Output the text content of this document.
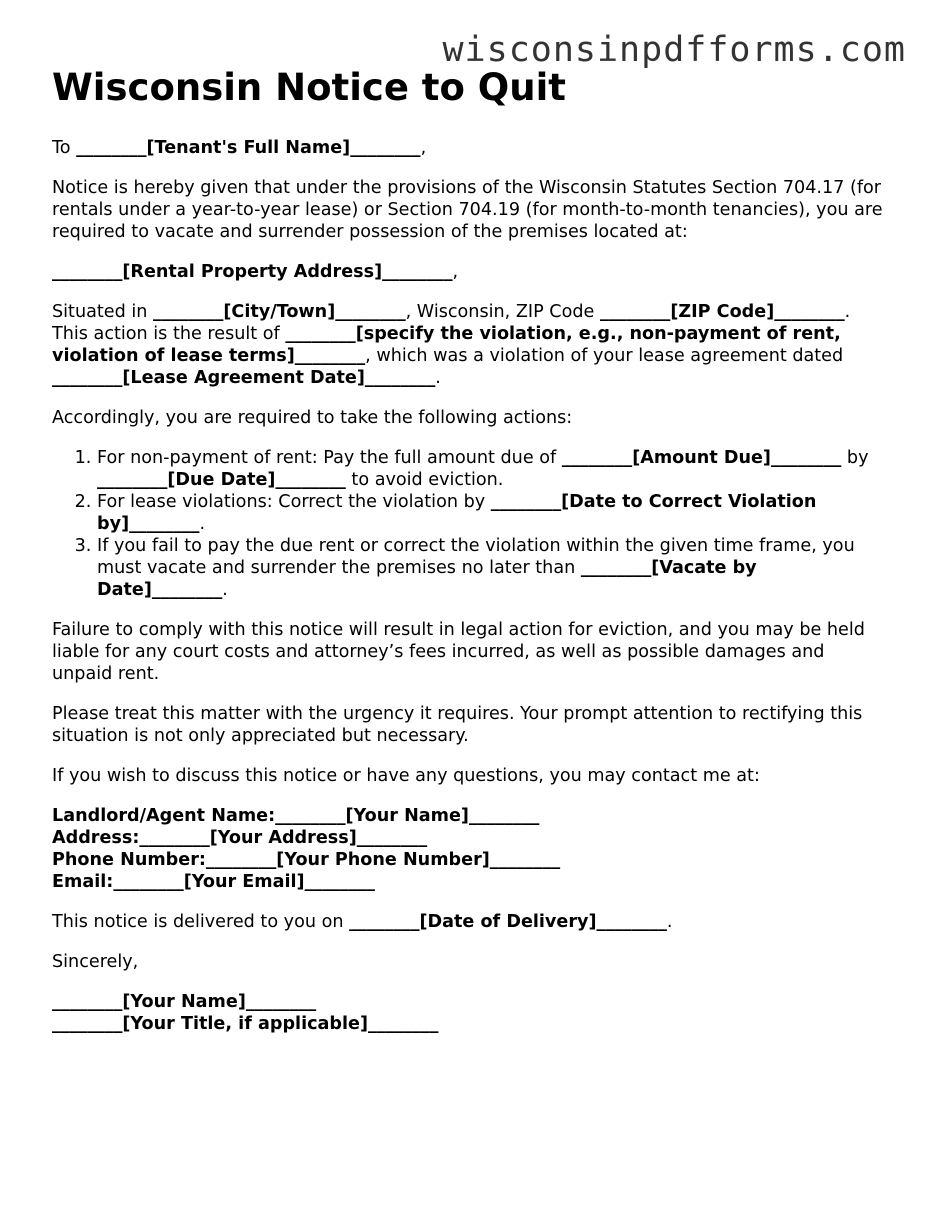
wisconsinpdfforms.com
Wisconsin Notice to Quit

To ________[Tenant's Full Name]________,

Notice is hereby given that under the provisions of the Wisconsin Statutes Section 704.17 (for rentals under a year-to-year lease) or Section 704.19 (for month-to-month tenancies), you are required to vacate and surrender possession of the premises located at:

________[Rental Property Address]________,

Situated in ________[City/Town]________, Wisconsin, ZIP Code ________[ZIP Code]________. This action is the result of ________[specify the violation, e.g., non-payment of rent, violation of lease terms]________, which was a violation of your lease agreement dated ________[Lease Agreement Date]________.

Accordingly, you are required to take the following actions:

1. For non-payment of rent: Pay the full amount due of ________[Amount Due]________ by ________[Due Date]________ to avoid eviction.
2. For lease violations: Correct the violation by ________[Date to Correct Violation by]________.
3. If you fail to pay the due rent or correct the violation within the given time frame, you must vacate and surrender the premises no later than ________[Vacate by Date]________.

Failure to comply with this notice will result in legal action for eviction, and you may be held liable for any court costs and attorney’s fees incurred, as well as possible damages and unpaid rent.

Please treat this matter with the urgency it requires. Your prompt attention to rectifying this situation is not only appreciated but necessary.

If you wish to discuss this notice or have any questions, you may contact me at:

Landlord/Agent Name:________[Your Name]________
Address:________[Your Address]________
Phone Number:________[Your Phone Number]________
Email:________[Your Email]________

This notice is delivered to you on ________[Date of Delivery]________.

Sincerely,

________[Your Name]________
________[Your Title, if applicable]________
